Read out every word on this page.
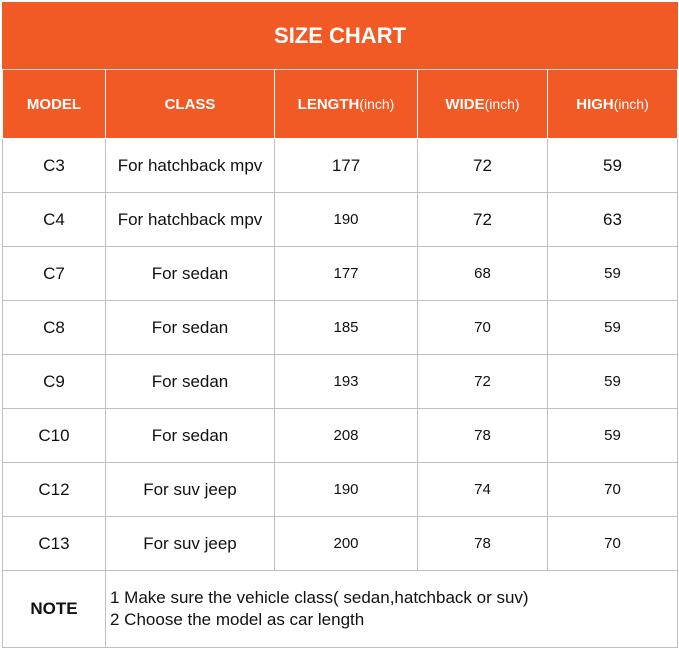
SIZE CHART				
MODEL	CLASS	LENGTH(inch)	WIDE(inch)	HIGH(inch)
C3	For hatchback mpv	177	72	59
C4	For hatchback mpv	190	72	63
C7	For sedan	177	68	59
C8	For sedan	185	70	59
C9	For sedan	193	72	59
C10	For sedan	208	78	59
C12	For suv jeep	190	74	70
C13	For suv jeep	200	78	70
NOTE	1 Make sure the vehicle class( sedan,hatchback or suv)
2 Choose the model as car length			
